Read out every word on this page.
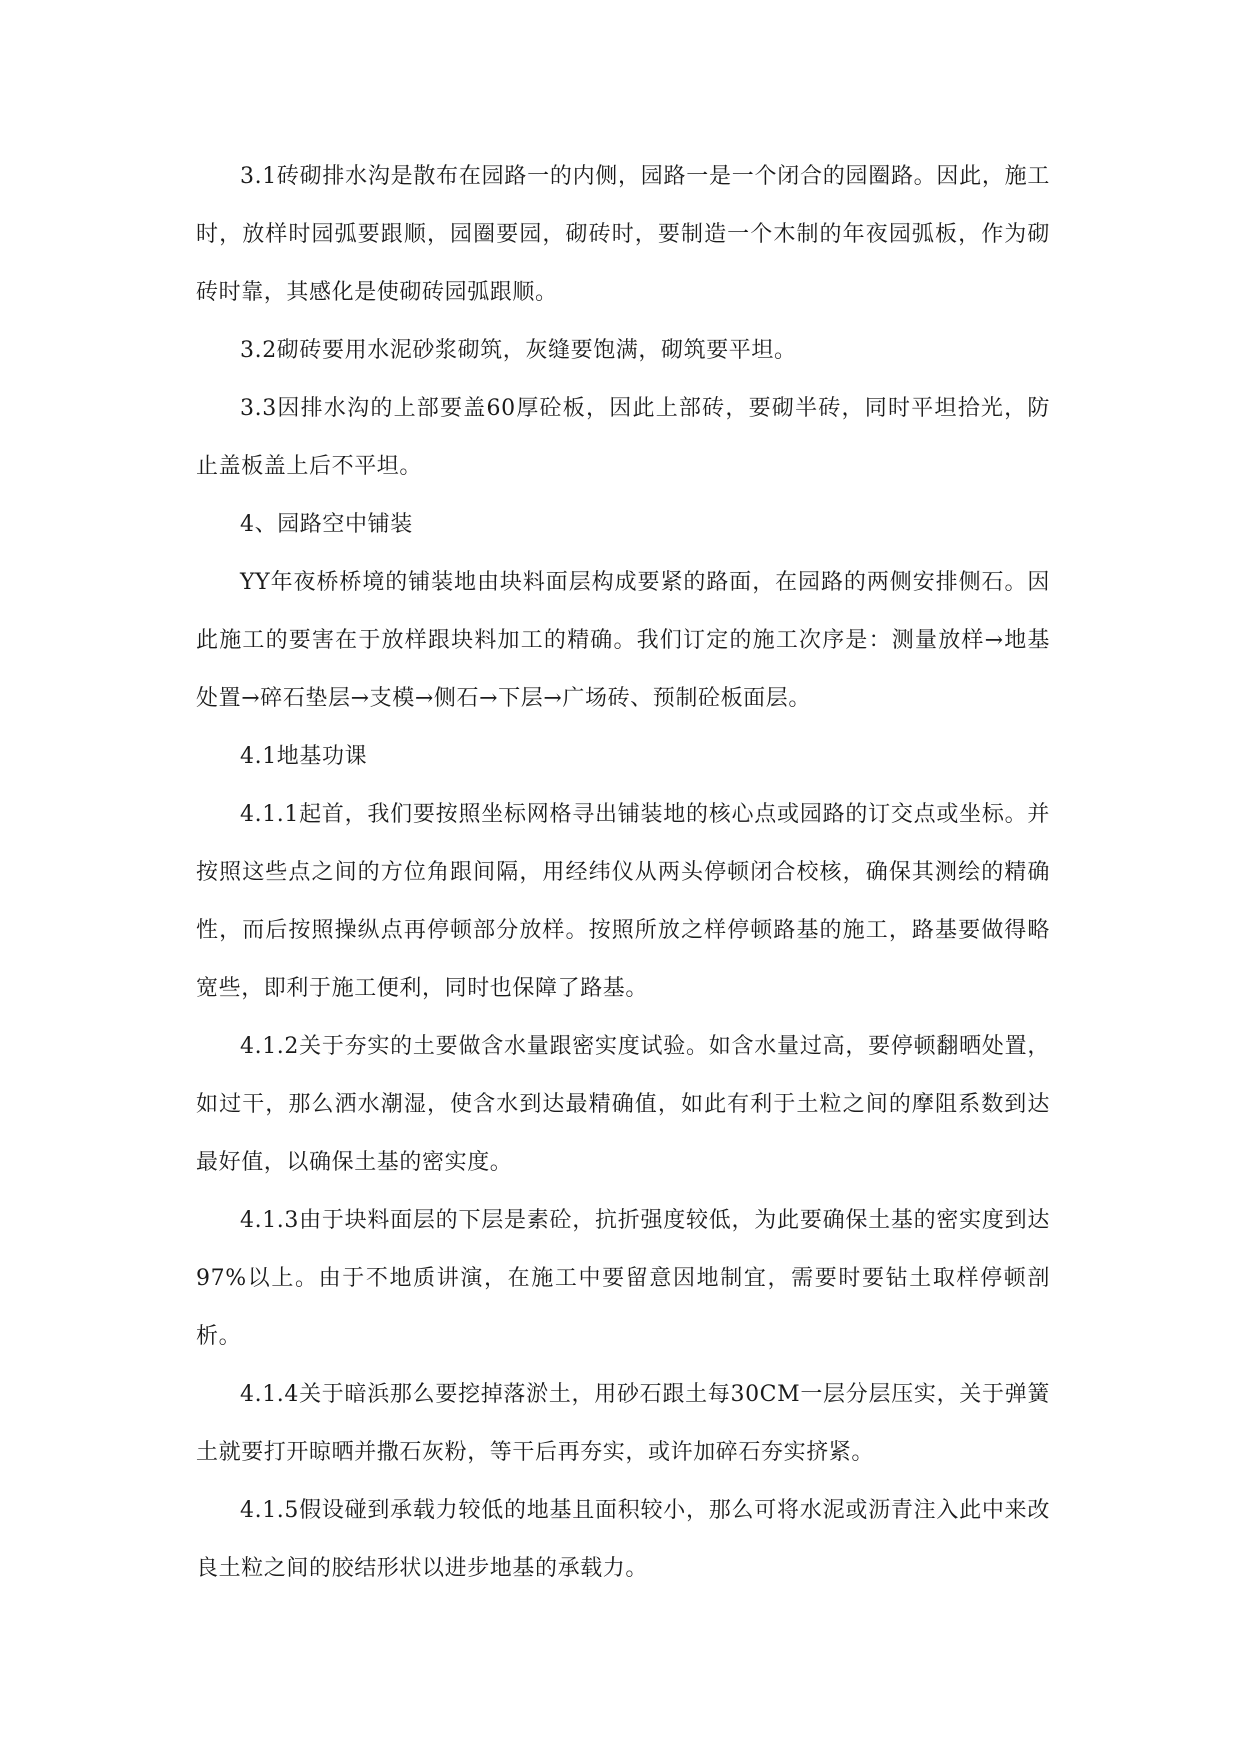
3.1砖砌排水沟是散布在园路一的内侧，园路一是一个闭合的园圈路。因此，施工时，放样时园弧要跟顺，园圈要园，砌砖时，要制造一个木制的年夜园弧板，作为砌砖时靠，其感化是使砌砖园弧跟顺。

3.2砌砖要用水泥砂浆砌筑，灰缝要饱满，砌筑要平坦。

3.3因排水沟的上部要盖60厚砼板，因此上部砖，要砌半砖，同时平坦拾光，防止盖板盖上后不平坦。

4、园路空中铺装

YY年夜桥桥境的铺装地由块料面层构成要紧的路面，在园路的两侧安排侧石。因此施工的要害在于放样跟块料加工的精确。我们订定的施工次序是：测量放样→地基处置→碎石垫层→支模→侧石→下层→广场砖、预制砼板面层。

4.1地基功课

4.1.1起首，我们要按照坐标网格寻出铺装地的核心点或园路的订交点或坐标。并按照这些点之间的方位角跟间隔，用经纬仪从两头停顿闭合校核，确保其测绘的精确性，而后按照操纵点再停顿部分放样。按照所放之样停顿路基的施工，路基要做得略宽些，即利于施工便利，同时也保障了路基。

4.1.2关于夯实的土要做含水量跟密实度试验。如含水量过高，要停顿翻晒处置，如过干，那么洒水潮湿，使含水到达最精确值，如此有利于土粒之间的摩阻系数到达最好值，以确保土基的密实度。

4.1.3由于块料面层的下层是素砼，抗折强度较低，为此要确保土基的密实度到达97%以上。由于不地质讲演，在施工中要留意因地制宜，需要时要钻土取样停顿剖析。

4.1.4关于暗浜那么要挖掉落淤土，用砂石跟土每30CM一层分层压实，关于弹簧土就要打开晾晒并撒石灰粉，等干后再夯实，或许加碎石夯实挤紧。

4.1.5假设碰到承载力较低的地基且面积较小，那么可将水泥或沥青注入此中来改良土粒之间的胶结形状以进步地基的承载力。
